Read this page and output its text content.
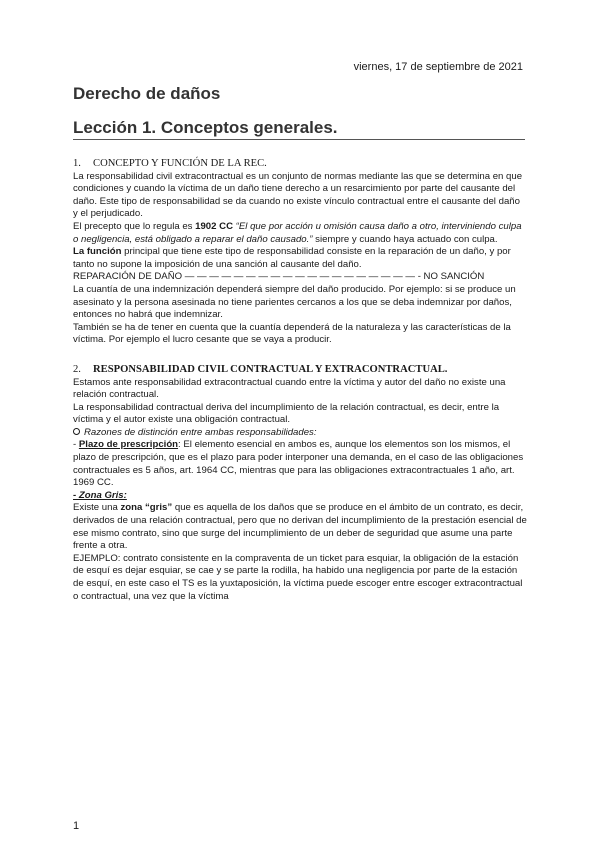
viernes, 17 de septiembre de 2021
Derecho de daños
Lección 1. Conceptos generales.
1.	CONCEPTO Y FUNCIÓN DE LA REC.

La responsabilidad civil extracontractual es un conjunto de normas mediante las que se determina en que condiciones y cuando la víctima de un daño tiene derecho a un resarcimiento por parte del causante del daño. Este tipo de responsabilidad se da cuando no existe vínculo contractual entre el causante del daño y el perjudicado.

El precepto que lo regula es 1902 CC “El que por acción u omisión causa daño a otro, interviniendo culpa o negligencia, está obligado a reparar el daño causado.” siempre y cuando haya actuado con culpa.

La función principal que tiene este tipo de responsabilidad consiste en la reparación de un daño, y por tanto no supone la imposición de una sanción al causante del daño.

REPARACIÓN DE DAÑO — — — — — — — — — — — — — — — — — — — - NO SANCIÓN

La cuantía de una indemnización dependerá siempre del daño producido. Por ejemplo: si se produce un asesinato y la persona asesinada no tiene parientes cercanos a los que se deba indemnizar por daños, entonces no habrá que indemnizar.

También se ha de tener en cuenta que la cuantía dependerá de la naturaleza y las características de la víctima. Por ejemplo el lucro cesante que se vaya a producir.

2.	RESPONSABILIDAD CIVIL CONTRACTUAL Y EXTRACONTRACTUAL.

Estamos ante responsabilidad extracontractual cuando entre la víctima y autor del daño no existe una relación contractual.

La responsabilidad contractual deriva del incumplimiento de la relación contractual, es decir, entre la víctima y el autor existe una obligación contractual.

Razones de distinción entre ambas responsabilidades:

- Plazo de prescripción: El elemento esencial en ambos es, aunque los elementos son los mismos, el plazo de prescripción, que es el plazo para poder interponer una demanda, en el caso de las obligaciones contractuales es 5 años, art. 1964 CC, mientras que para las obligaciones extracontractuales 1 año, art. 1969 CC.

- Zona Gris:

Existe una zona “gris” que es aquella de los daños que se produce en el ámbito de un contrato, es decir, derivados de una relación contractual, pero que no derivan del incumplimiento de la prestación esencial de ese mismo contrato, sino que surge del incumplimiento de un deber de seguridad que asume una parte frente a otra.

EJEMPLO: contrato consistente en la compraventa de un ticket para esquiar, la obligación de la estación de esquí es dejar esquiar, se cae y se parte la rodilla, ha habido una negligencia por parte de la estación de esquí, en este caso el TS es la yuxtaposición, la víctima puede escoger entre escoger extracontractual o contractual, una vez que la víctima

1
